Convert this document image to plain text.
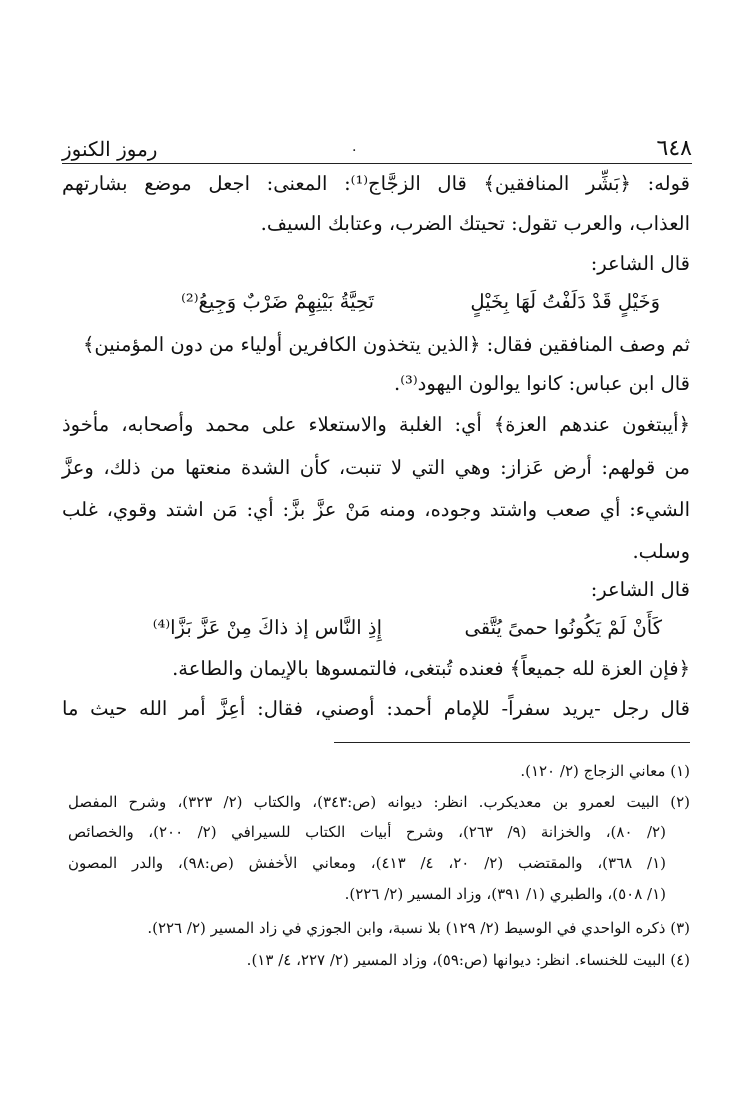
٦٤٨
.
رموز الكنوز
قوله: ﴿بَشِّر المنافقين﴾ قال الزجَّاج⁽¹⁾: المعنى: اجعل موضع بشارتهم
العذاب، والعرب تقول: تحيتك الضرب، وعتابك السيف.
قال الشاعر:
وَخَيْلٍ قَدْ دَلَفْتُ لَهَا بِخَيْلٍ
تَحِيَّةُ بَيْنِهِمْ ضَرْبٌ وَجِيعُ⁽²⁾
ثم وصف المنافقين فقال: ﴿الذين يتخذون الكافرين أولياء من دون المؤمنين﴾
قال ابن عباس: كانوا يوالون اليهود⁽³⁾.
﴿أيبتغون عندهم العزة﴾ أي: الغلبة والاستعلاء على محمد وأصحابه، مأخوذ
من قولهم: أرض عَزاز: وهي التي لا تنبت، كأن الشدة منعتها من ذلك، وعزَّ
الشيء: أي صعب واشتد وجوده، ومنه مَنْ عزَّ بزَّ: أي: مَن اشتد وقوي، غلب
وسلب.
قال الشاعر:
كَأَنْ لَمْ يَكُونُوا حمىً يُتَّقى
إِذِ النَّاس إذ ذاكَ مِنْ عَزَّ بَزَّا⁽⁴⁾
﴿فإن العزة لله جميعاً﴾ فعنده تُبتغى، فالتمسوها بالإيمان والطاعة.
قال رجل -يريد سفراً- للإمام أحمد: أوصني، فقال: أعِزَّ أمر الله حيث ما
(١) معاني الزجاج (٢/ ١٢٠).
(٢) البيت لعمرو بن معديكرب. انظر: ديوانه (ص:٣٤٣)، والكتاب (٢/ ٣٢٣)، وشرح المفصل
(٢/ ٨٠)، والخزانة (٩/ ٢٦٣)، وشرح أبيات الكتاب للسيرافي (٢/ ٢٠٠)، والخصائص
(١/ ٣٦٨)، والمقتضب (٢/ ٢٠، ٤/ ٤١٣)، ومعاني الأخفش (ص:٩٨)، والدر المصون
(١/ ٥٠٨)، والطبري (١/ ٣٩١)، وزاد المسير (٢/ ٢٢٦).
(٣) ذكره الواحدي في الوسيط (٢/ ١٢٩) بلا نسبة، وابن الجوزي في زاد المسير (٢/ ٢٢٦).
(٤) البيت للخنساء. انظر: ديوانها (ص:٥٩)، وزاد المسير (٢/ ٢٢٧، ٤/ ١٣).
